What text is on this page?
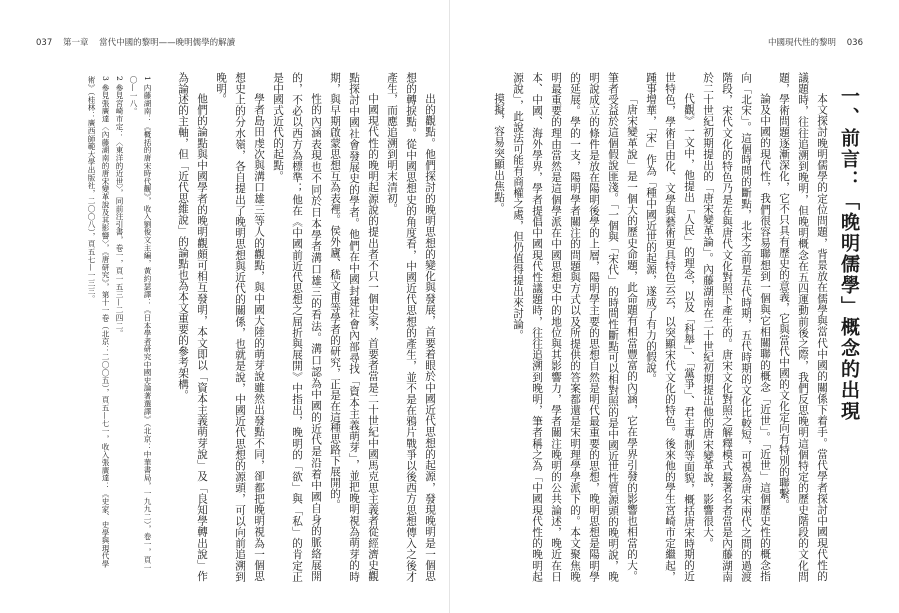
037 第一章 當代中國的黎明——晚明儒學的解讀

出的觀點。他們探討的晚明思想的變化與發展，首要着眼於中國近代思想的起源，發現晚明是一個思想的轉捩點。從中國思想史的角度看，中國近代思想的產生，並不是在鴉片戰爭以後西方思想傳入之後才產生，而應追溯到明末清初。

中國現代性的晚明起源說的提出者不只一個史家，首要者當是二十世紀中國馬克思主義者從經濟史觀點探討中國社會發展史的學者。他們在中國封建社會內部尋找「資本主義萌芽」，並把晚明視為萌芽的時期，與早期啟蒙思想互為表裡。侯外廬、嵇文甫等學者的研究，正是在這種思路下展開的。

性的內涵表現也不同於日本學者溝口雄三的看法。溝口認為中國的近代是沿着中國自身的脈絡展開的，不必以西方為標準；他在《中國前近代思想之屈折與展開》中指出，晚明的「欲」與「私」的肯定正是中國式近代的起點。

學者島田虔次與溝口雄三等人的觀點，與中國大陸的萌芽說雖然出發點不同，卻都把晚明視為一個思想史上的分水嶺，各自提出了晚明思想與近代的關係，也就是說，中國近代思想的源頭，可以向前追溯到晚明。

他們的論點與中國學者的晚明觀頗可相互發明，本文即以「資本主義萌芽說」及「良知學轉出說」作為論述的主軸，但「近代思維說」的論點也為本文重要的參考架構。

1 内藤湖南：《概括的唐宋時代觀》，收入劉俊文主編，黃約瑟譯：《日本學者研究中國史論著選譯》（北京：中華書局，一九九二），卷一，頁一〇—一八。

2 參見宮崎市定：〈東洋的近世〉，同前注引書，卷一，頁一五三—二四二。

3 參見張廣達〈內藤湖南的唐宋變革說及其影響〉，《唐研究》，第十一卷（北京：二〇〇五），頁五—七一，收入張廣達：《史家、史學與現代學術》（桂林：廣西師範大學出版社，二〇〇八），頁五七—一三三。

中國現代性的黎明 036
一、前言：「晚明儒學」概念的出現

本文探討晚明儒學的定位問題，背景放在儒學與當代中國的關係下着手。當代學者探討中國現代性的議題時，往往追溯到晚明，但晚明概念在五四運動前後之際，我們反思晚明這個特定的歷史階段的文化問題，學術問題逐漸深化，它不只具有歷史的意義，它與當代中國的文化定向有特別的聯繫。

論及中國的現代性，我們很容易聯想到一個與它相關聯的概念「近世」。「近世」這個歷史性的概念指向「北宋」。這個時間的斷點，北宋之前是五代時期，五代時期的文化比較短，可視為唐宋兩代之間的過渡階段，宋代文化的特色乃是在與唐代文化對照下產生的。唐宋文化對照之解釋模式最著名者當是內藤湖南於二十世紀初期提出的「唐宋變革論」。內藤湖南在二十世紀初期提出他的唐宋變革說，影響很大。

代觀》一文中，他提出「人民」的理念，以及「科舉」、「黨爭」、君主專制等面貌，概括唐宋時期的近世特色，學術自由化、文學與藝術更具特色云云，以突顯宋代文化的特色。後來他的學生宮崎市定繼起，踵事增華，「宋」作為「種中國近世的起源，遂成了有力的假說。

「唐宋變革說」是一個大的歷史命題，此命題有相當豐富的內涵，它在學界引發的影響也相當的大。筆者受益於這個假說匪淺。「一個與「宋代」的時間性斷點可以相對照的是中國近世性質源頭的晚明說，晚明說成立的條件是放在陽明後學的上層，陽明學主要的思想自然是明代最重要的思想，晚明思想是陽明學的延展。學的一支，陽明學者關注的問題與方式以及所提供的答案都還是宋明理學學派下的。本文聚焦晚明最重要的理由當然是這個學派在中國思想史中的地位與其影響力，學者關注晚明的公共論述，晚近在日本、中國、海外學界，學者提倡中國現代性議題時，往往追溯到晚明，筆者稱之為「中國現代性的晚明起源說」，此說法可能有商權之處，但仍值得提出來討論。

摸擬，容易突顯出焦點。
